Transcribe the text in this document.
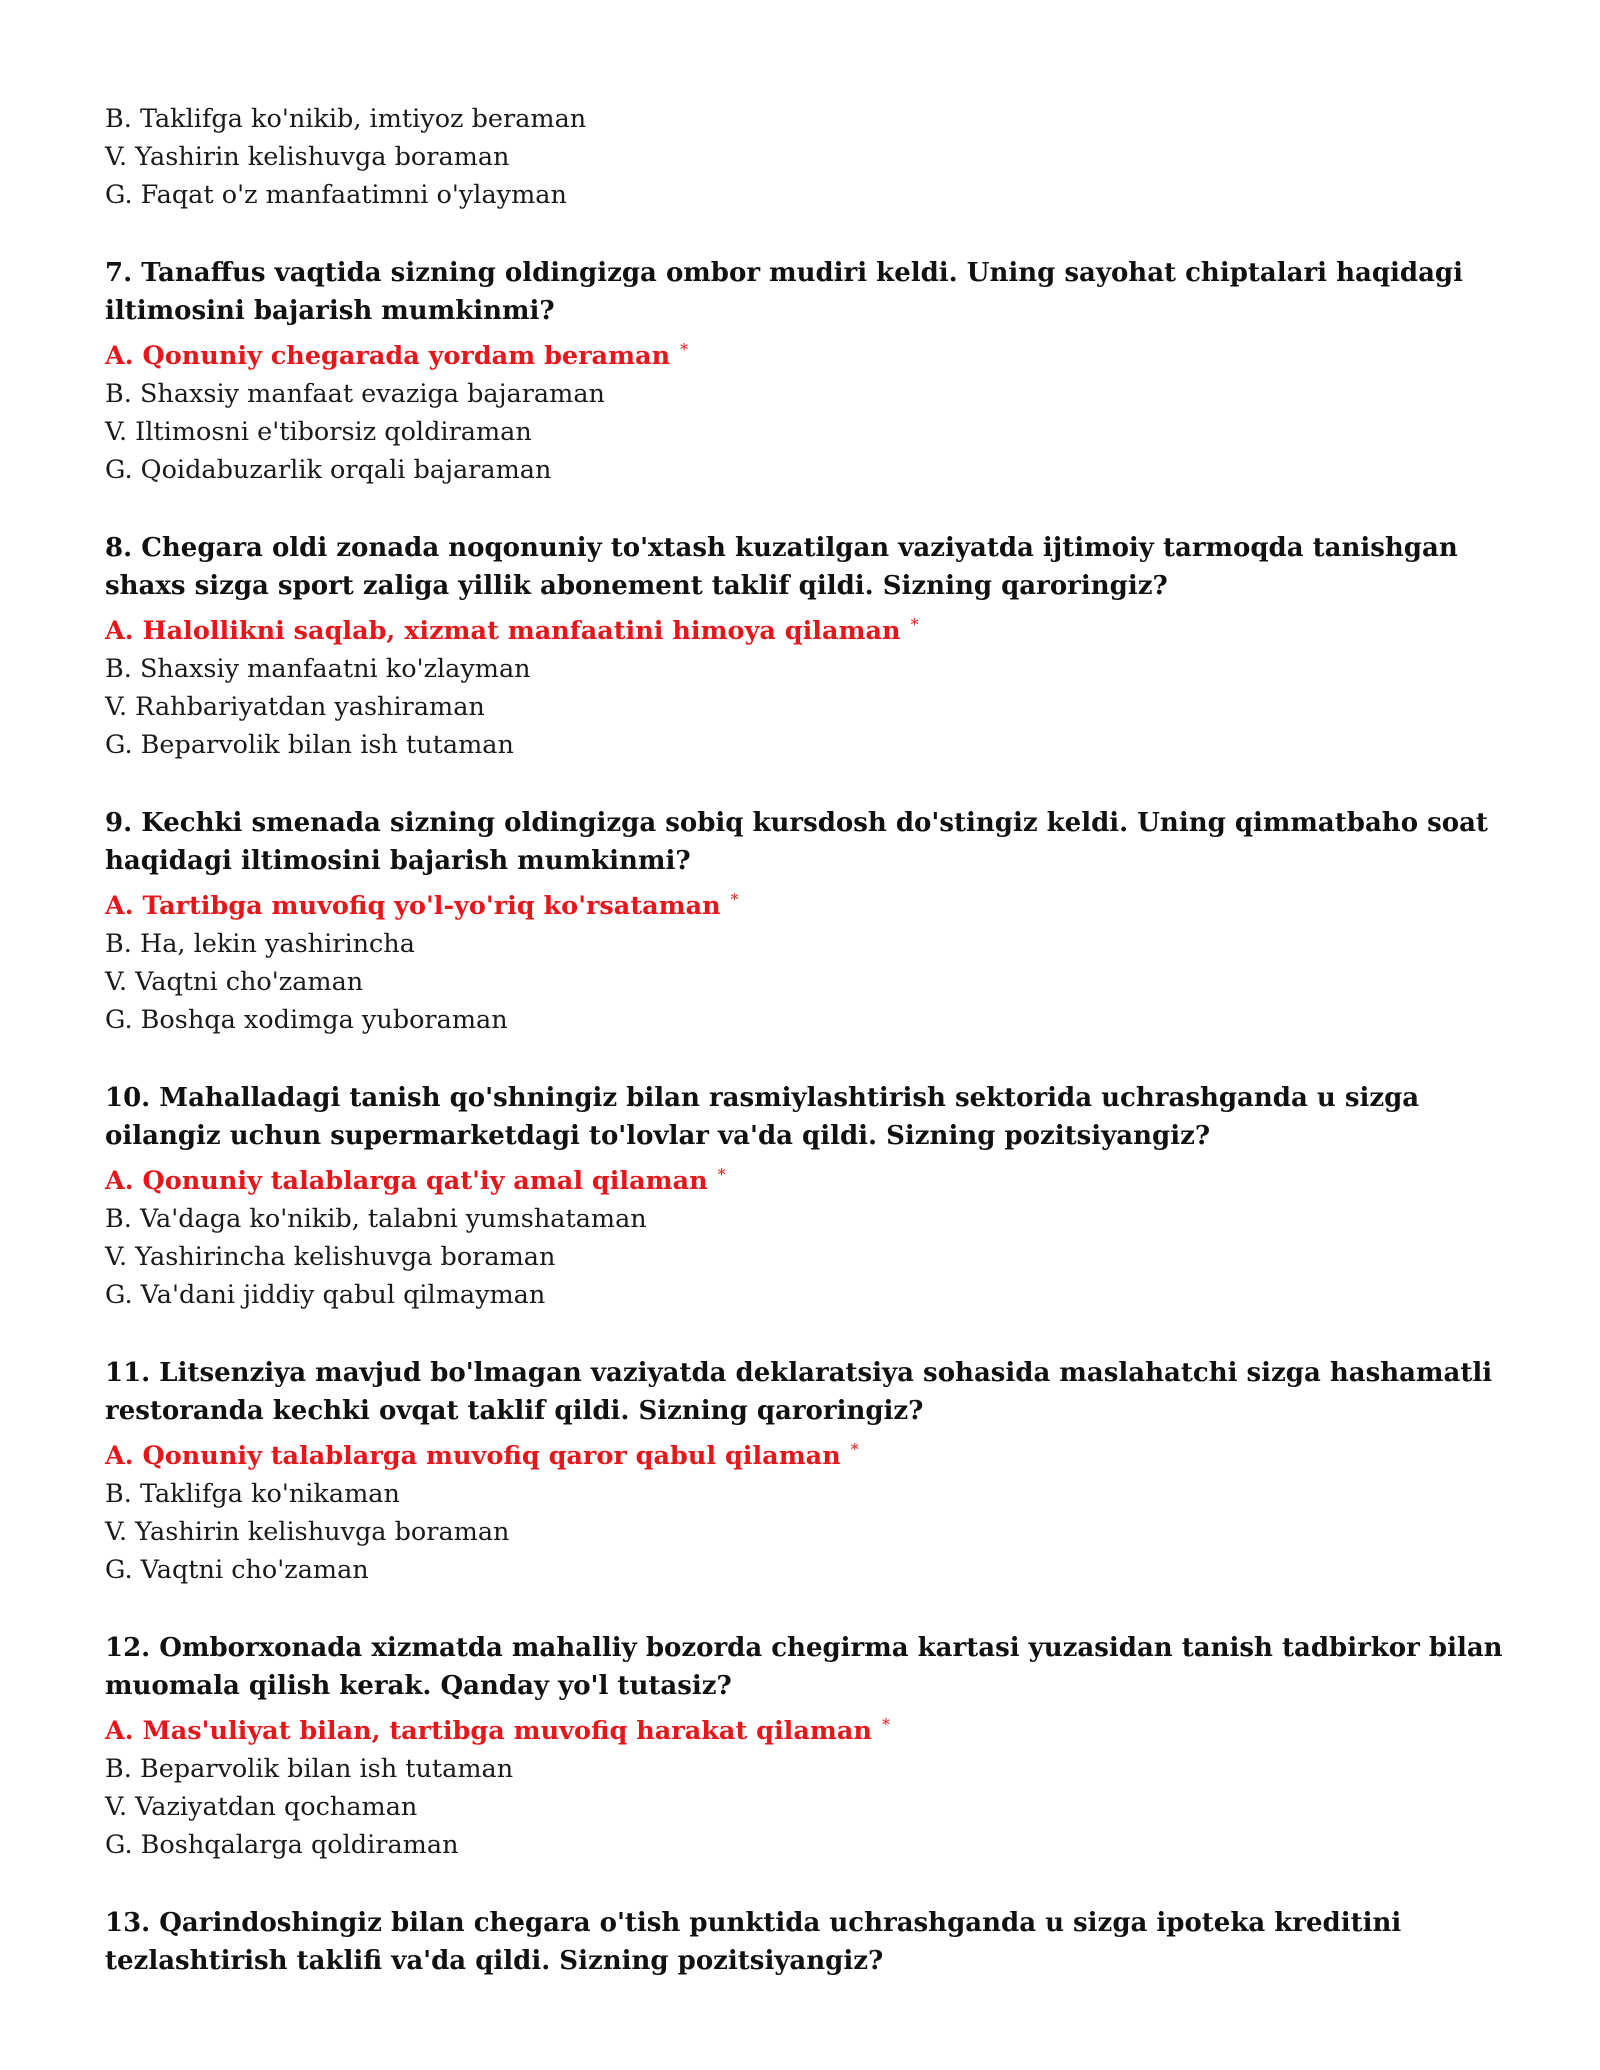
B. Taklifga ko'nikib, imtiyoz beraman
V. Yashirin kelishuvga boraman
G. Faqat o'z manfaatimni o'ylayman
7. Tanaffus vaqtida sizning oldingizga ombor mudiri keldi. Uning sayohat chiptalari haqidagi iltimosini bajarish mumkinmi?
A. Qonuniy chegarada yordam beraman *
B. Shaxsiy manfaat evaziga bajaraman
V. Iltimosni e'tiborsiz qoldiraman
G. Qoidabuzarlik orqali bajaraman
8. Chegara oldi zonada noqonuniy to'xtash kuzatilgan vaziyatda ijtimoiy tarmoqda tanishgan shaxs sizga sport zaliga yillik abonement taklif qildi. Sizning qaroringiz?
A. Halollikni saqlab, xizmat manfaatini himoya qilaman *
B. Shaxsiy manfaatni ko'zlayman
V. Rahbariyatdan yashiraman
G. Beparvolik bilan ish tutaman
9. Kechki smenada sizning oldingizga sobiq kursdosh do'stingiz keldi. Uning qimmatbaho soat haqidagi iltimosini bajarish mumkinmi?
A. Tartibga muvofiq yo'l-yo'riq ko'rsataman *
B. Ha, lekin yashirincha
V. Vaqtni cho'zaman
G. Boshqa xodimga yuboraman
10. Mahalladagi tanish qo'shningiz bilan rasmiylashtirish sektorida uchrashganda u sizga oilangiz uchun supermarketdagi to'lovlar va'da qildi. Sizning pozitsiyangiz?
A. Qonuniy talablarga qat'iy amal qilaman *
B. Va'daga ko'nikib, talabni yumshataman
V. Yashirincha kelishuvga boraman
G. Va'dani jiddiy qabul qilmayman
11. Litsenziya mavjud bo'lmagan vaziyatda deklaratsiya sohasida maslahatchi sizga hashamatli restoranda kechki ovqat taklif qildi. Sizning qaroringiz?
A. Qonuniy talablarga muvofiq qaror qabul qilaman *
B. Taklifga ko'nikaman
V. Yashirin kelishuvga boraman
G. Vaqtni cho'zaman
12. Omborxonada xizmatda mahalliy bozorda chegirma kartasi yuzasidan tanish tadbirkor bilan muomala qilish kerak. Qanday yo'l tutasiz?
A. Mas'uliyat bilan, tartibga muvofiq harakat qilaman *
B. Beparvolik bilan ish tutaman
V. Vaziyatdan qochaman
G. Boshqalarga qoldiraman
13. Qarindoshingiz bilan chegara o'tish punktida uchrashganda u sizga ipoteka kreditini tezlashtirish taklifi va'da qildi. Sizning pozitsiyangiz?
